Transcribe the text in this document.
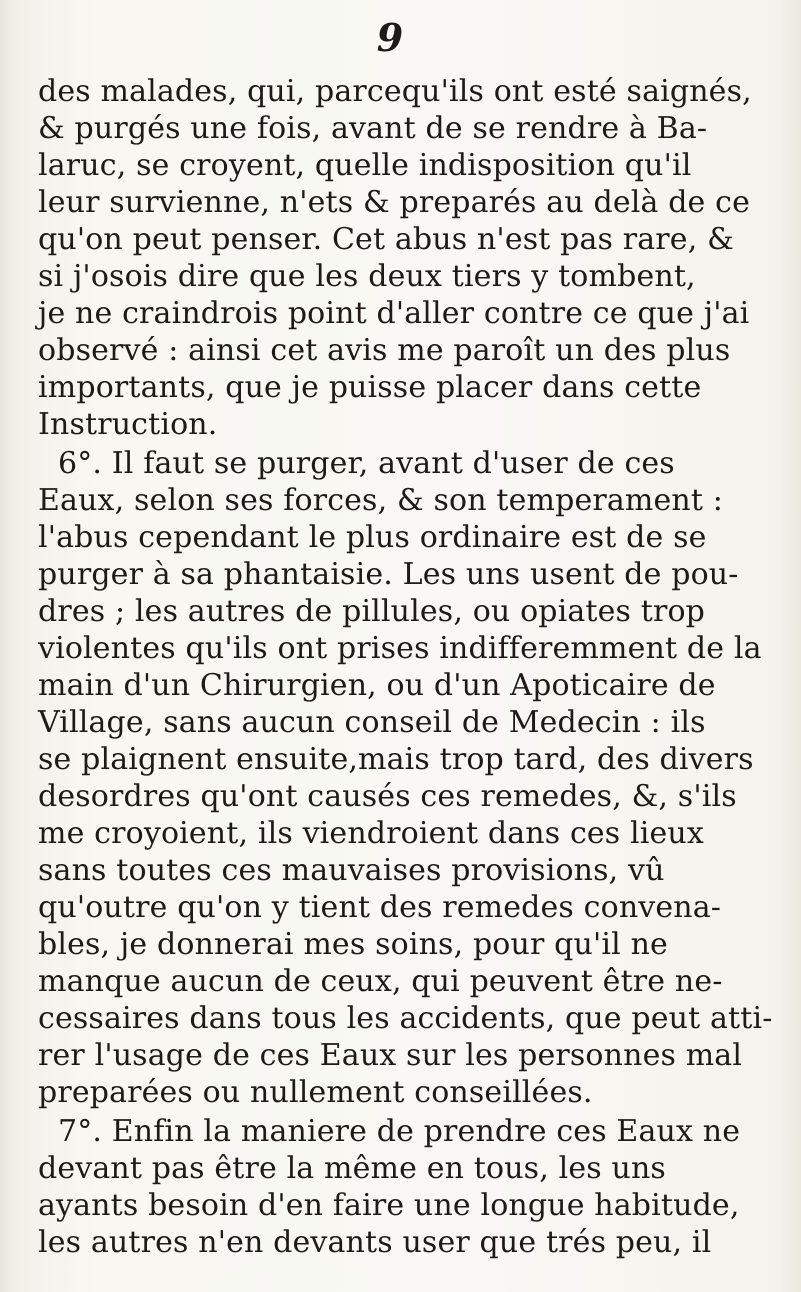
9
des malades, qui, parcequ'ils ont esté saignés,
& purgés une fois, avant de se rendre à Ba-
laruc, se croyent, quelle indisposition qu'il
leur survienne, n'ets & preparés au delà de ce
qu'on peut penser. Cet abus n'est pas rare, &
si j'osois dire que les deux tiers y tombent,
je ne craindrois point d'aller contre ce que j'ai
observé : ainsi cet avis me paroît un des plus
importants, que je puisse placer dans cette
Instruction.
6°. Il faut se purger, avant d'user de ces
Eaux, selon ses forces, & son temperament :
l'abus cependant le plus ordinaire est de se
purger à sa phantaisie. Les uns usent de pou-
dres ; les autres de pillules, ou opiates trop
violentes qu'ils ont prises indifferemment de la
main d'un Chirurgien, ou d'un Apoticaire de
Village, sans aucun conseil de Medecin : ils
se plaignent ensuite,mais trop tard, des divers
desordres qu'ont causés ces remedes, &, s'ils
me croyoient, ils viendroient dans ces lieux
sans toutes ces mauvaises provisions, vû
qu'outre qu'on y tient des remedes convena-
bles, je donnerai mes soins, pour qu'il ne
manque aucun de ceux, qui peuvent être ne-
cessaires dans tous les accidents, que peut atti-
rer l'usage de ces Eaux sur les personnes mal
preparées ou nullement conseillées.
7°. Enfin la maniere de prendre ces Eaux ne
devant pas être la même en tous, les uns
ayants besoin d'en faire une longue habitude,
les autres n'en devants user que trés peu, il
